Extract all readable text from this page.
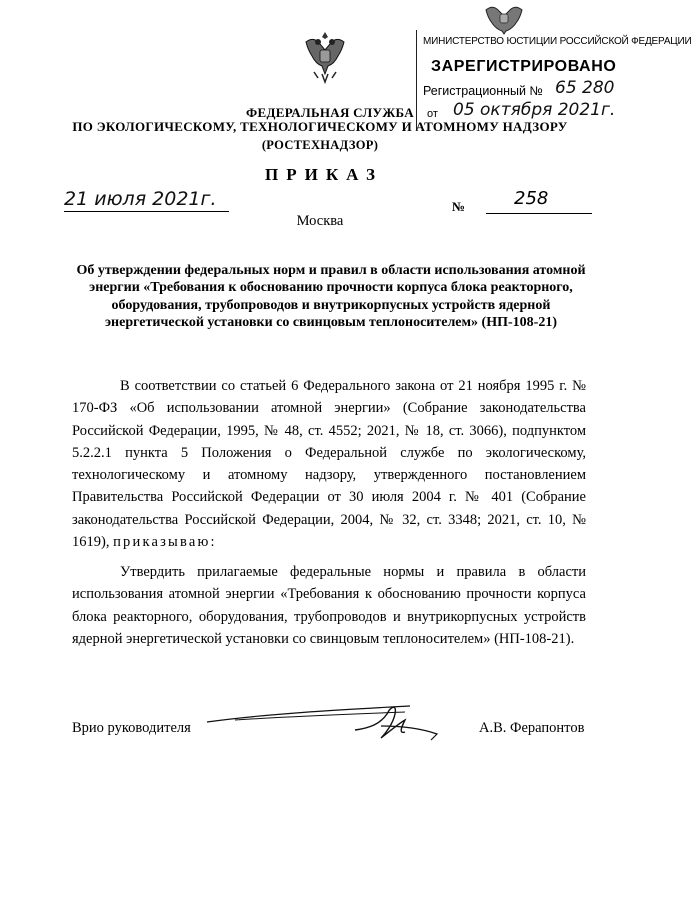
МИНИСТЕРСТВО ЮСТИЦИИ РОССИЙСКОЙ ФЕДЕРАЦИИ
ЗАРЕГИСТРИРОВАНО
Регистрационный № 65 280
от 05 октября 2021г.
ФЕДЕРАЛЬНАЯ СЛУЖБА
ПО ЭКОЛОГИЧЕСКОМУ, ТЕХНОЛОГИЧЕСКОМУ И АТОМНОМУ НАДЗОРУ
(РОСТЕХНАДЗОР)
ПРИКАЗ
21 июля 2021г.	№	258
Москва
Об утверждении федеральных норм и правил в области использования атомной энергии «Требования к обоснованию прочности корпуса блока реакторного, оборудования, трубопроводов и внутрикорпусных устройств ядерной энергетической установки со свинцовым теплоносителем» (НП-108-21)
В соответствии со статьей 6 Федерального закона от 21 ноября 1995 г. № 170-ФЗ «Об использовании атомной энергии» (Собрание законодательства Российской Федерации, 1995, № 48, ст. 4552; 2021, № 18, ст. 3066), подпунктом 5.2.2.1 пункта 5 Положения о Федеральной службе по экологическому, технологическому и атомному надзору, утвержденного постановлением Правительства Российской Федерации от 30 июля 2004 г. № 401 (Собрание законодательства Российской Федерации, 2004, № 32, ст. 3348; 2021, ст. 10, № 1619), приказываю:
Утвердить прилагаемые федеральные нормы и правила в области использования атомной энергии «Требования к обоснованию прочности корпуса блока реакторного, оборудования, трубопроводов и внутрикорпусных устройств ядерной энергетической установки со свинцовым теплоносителем» (НП-108-21).
Врио руководителя	А.В. Ферапонтов
